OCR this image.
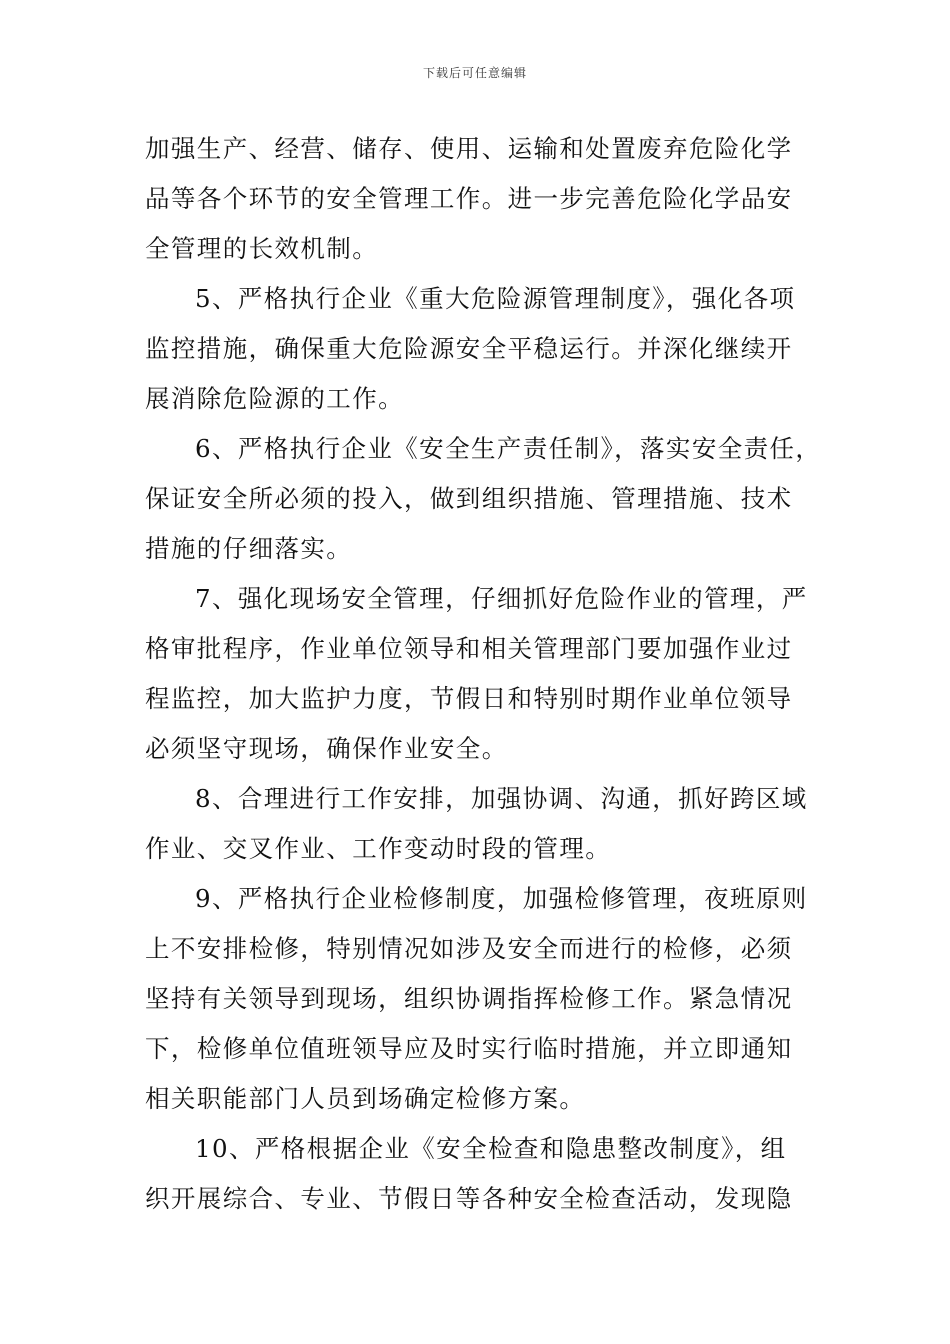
下载后可任意编辑
加强生产、经营、储存、使用、运输和处置废弃危险化学
品等各个环节的安全管理工作。进一步完善危险化学品安
全管理的长效机制。
5、严格执行企业《重大危险源管理制度》，强化各项
监控措施，确保重大危险源安全平稳运行。并深化继续开
展消除危险源的工作。
6、严格执行企业《安全生产责任制》，落实安全责任，
保证安全所必须的投入，做到组织措施、管理措施、技术
措施的仔细落实。
7、强化现场安全管理，仔细抓好危险作业的管理，严
格审批程序，作业单位领导和相关管理部门要加强作业过
程监控，加大监护力度，节假日和特别时期作业单位领导
必须坚守现场，确保作业安全。
8、合理进行工作安排，加强协调、沟通，抓好跨区域
作业、交叉作业、工作变动时段的管理。
9、严格执行企业检修制度，加强检修管理，夜班原则
上不安排检修，特别情况如涉及安全而进行的检修，必须
坚持有关领导到现场，组织协调指挥检修工作。紧急情况
下，检修单位值班领导应及时实行临时措施，并立即通知
相关职能部门人员到场确定检修方案。
10、严格根据企业《安全检查和隐患整改制度》，组
织开展综合、专业、节假日等各种安全检查活动，发现隐
